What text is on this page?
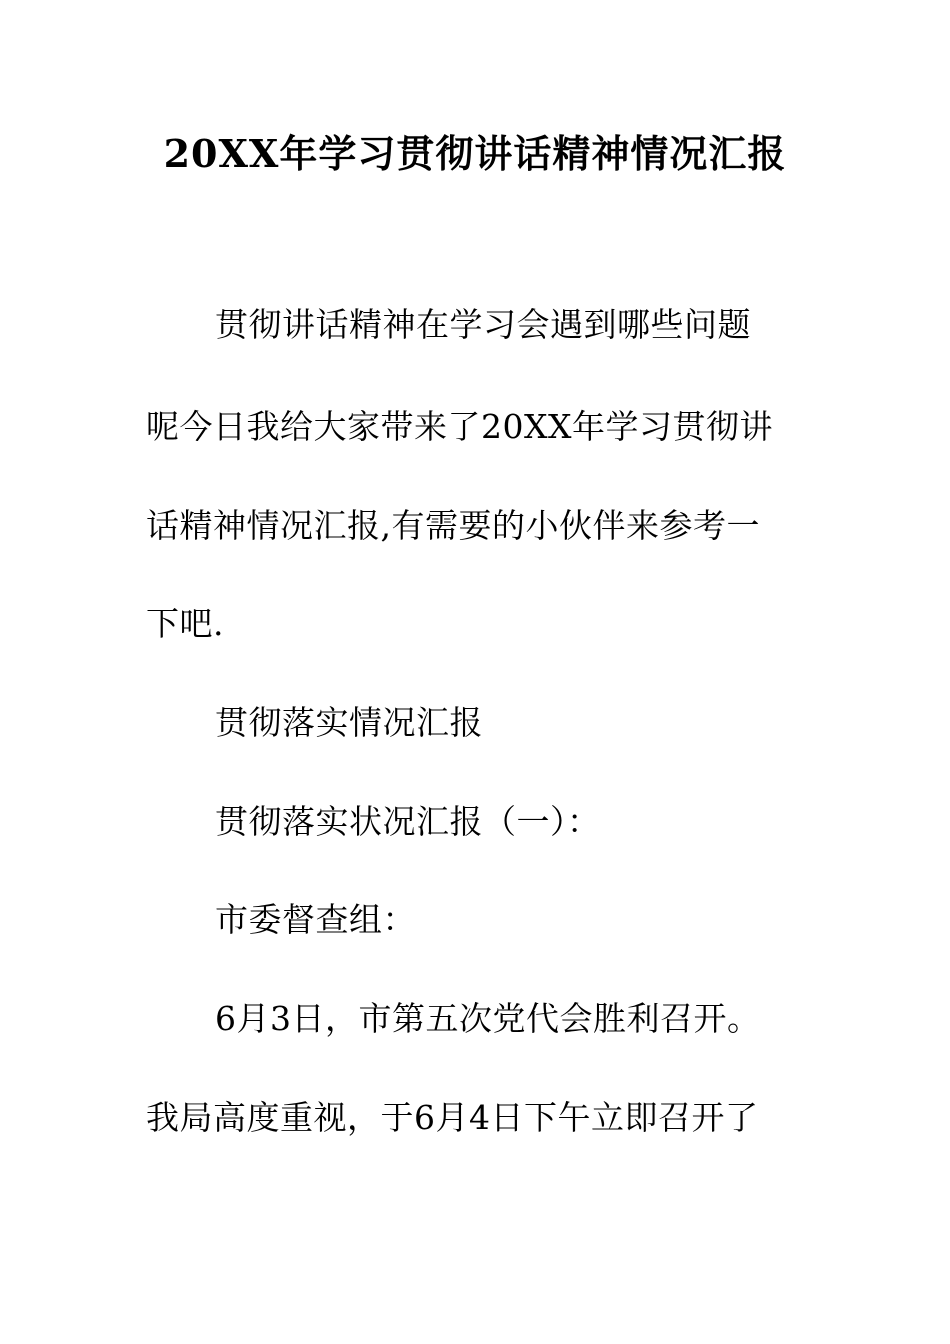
20XX年学习贯彻讲话精神情况汇报
贯彻讲话精神在学习会遇到哪些问题
呢今日我给大家带来了20XX年学习贯彻讲
话精神情况汇报,有需要的小伙伴来参考一
下吧.
贯彻落实情况汇报
贯彻落实状况汇报（一）：
市委督查组：
6月3日，市第五次党代会胜利召开。
我局高度重视，于6月4日下午立即召开了
